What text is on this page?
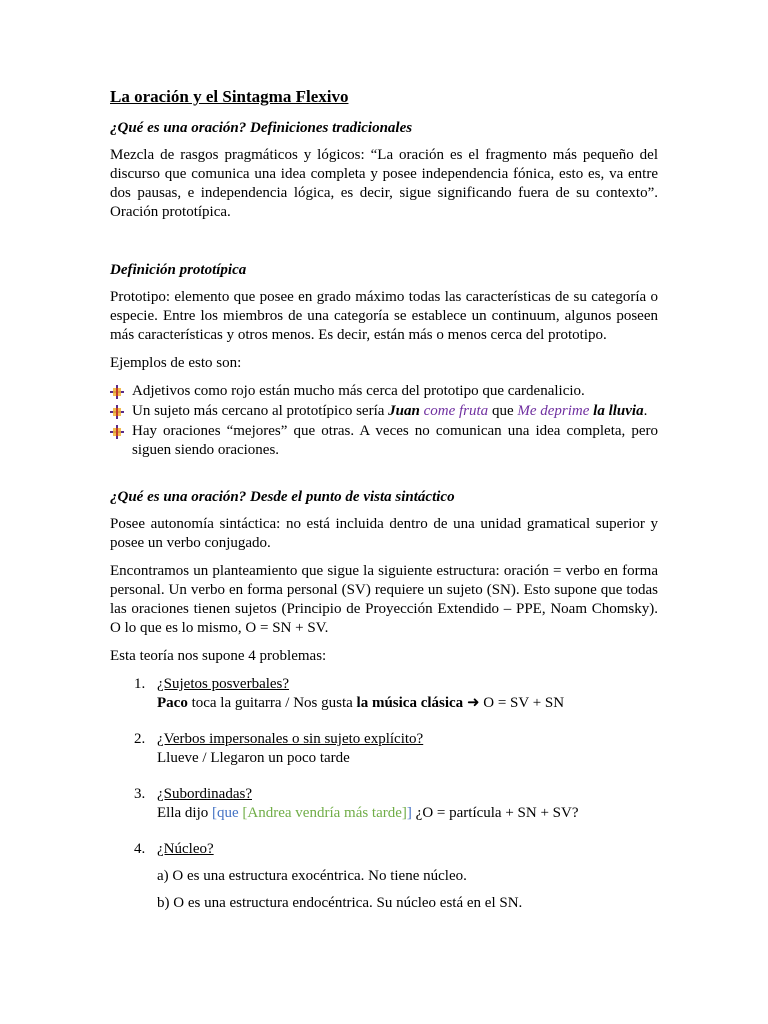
La oración y el Sintagma Flexivo
¿Qué es una oración? Definiciones tradicionales

Mezcla de rasgos pragmáticos y lógicos: “La oración es el fragmento más pequeño del discurso que comunica una idea completa y posee independencia fónica, esto es, va entre dos pausas, e independencia lógica, es decir, sigue significando fuera de su contexto”. Oración prototípica.

Definición prototípica

Prototipo: elemento que posee en grado máximo todas las características de su categoría o especie. Entre los miembros de una categoría se establece un continuum, algunos poseen más características y otros menos. Es decir, están más o menos cerca del prototipo.

Ejemplos de esto son:

Adjetivos como rojo están mucho más cerca del prototipo que cardenalicio.
Un sujeto más cercano al prototípico sería Juan come fruta que Me deprime la lluvia.
Hay oraciones “mejores” que otras. A veces no comunican una idea completa, pero siguen siendo oraciones.
¿Qué es una oración? Desde el punto de vista sintáctico

Posee autonomía sintáctica: no está incluida dentro de una unidad gramatical superior y posee un verbo conjugado.

Encontramos un planteamiento que sigue la siguiente estructura: oración = verbo en forma personal. Un verbo en forma personal (SV) requiere un sujeto (SN). Esto supone que todas las oraciones tienen sujetos (Principio de Proyección Extendido – PPE, Noam Chomsky). O lo que es lo mismo, O = SN + SV.

Esta teoría nos supone 4 problemas:

1. ¿Sujetos posverbales?
Paco toca la guitarra / Nos gusta la música clásica ➜ O = SV + SN
2. ¿Verbos impersonales o sin sujeto explícito?
Llueve / Llegaron un poco tarde
3. ¿Subordinadas?
Ella dijo [que [Andrea vendría más tarde]] ¿O = partícula + SN + SV?
4. ¿Núcleo?
a) O es una estructura exocéntrica. No tiene núcleo.
b) O es una estructura endocéntrica. Su núcleo está en el SN.
